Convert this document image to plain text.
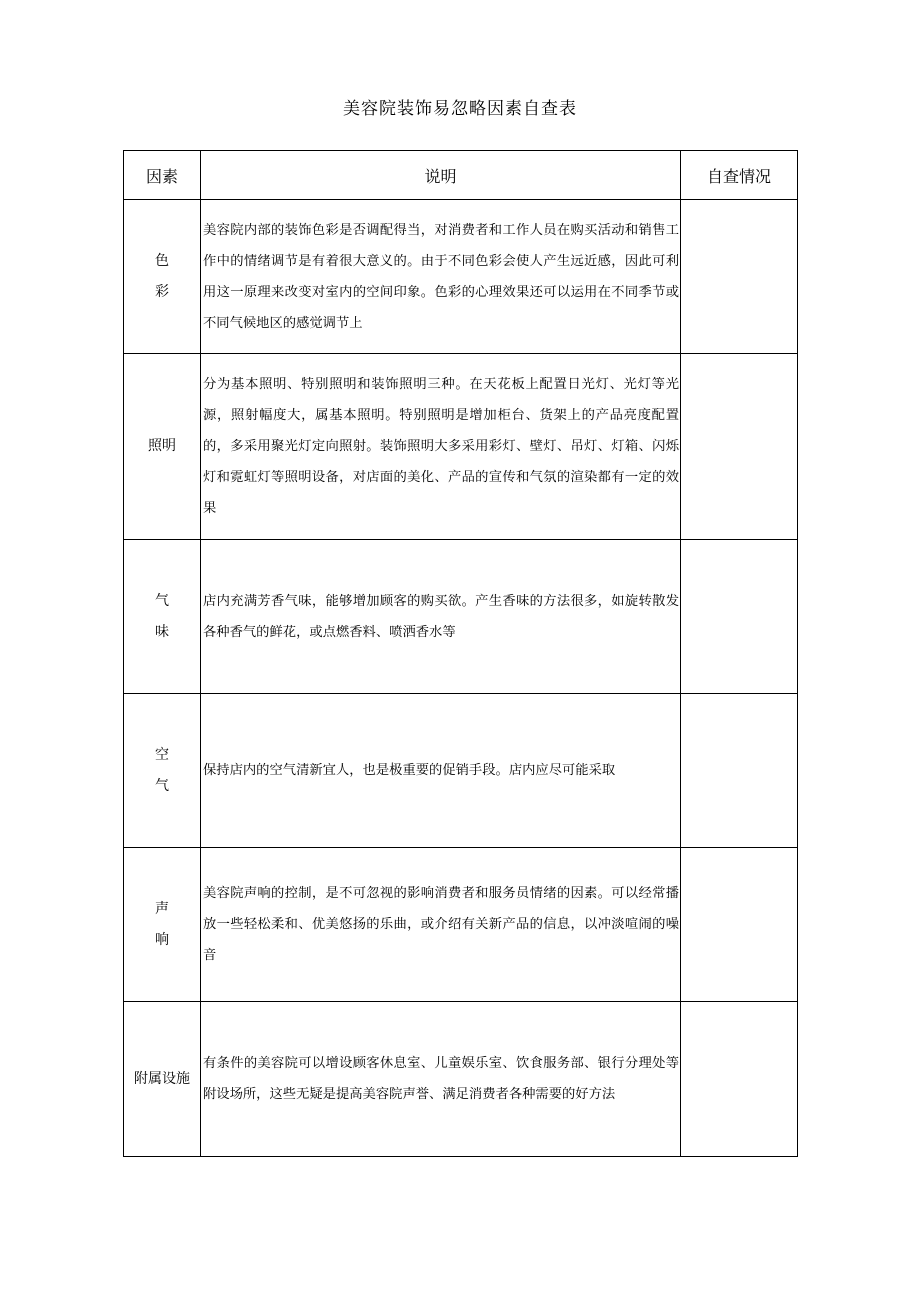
美容院装饰易忽略因素自查表
因素	说明	自查情况

色
彩	美容院内部的装饰色彩是否调配得当，对消费者和工作人员在购买活动和销售工作中的情绪调节是有着很大意义的。由于不同色彩会使人产生远近感，因此可利用这一原理来改变对室内的空间印象。色彩的心理效果还可以运用在不同季节或不同气候地区的感觉调节上	

照明	分为基本照明、特别照明和装饰照明三种。在天花板上配置日光灯、光灯等光源，照射幅度大，属基本照明。特别照明是增加柜台、货架上的产品亮度配置的，多采用聚光灯定向照射。装饰照明大多采用彩灯、壁灯、吊灯、灯箱、闪烁灯和霓虹灯等照明设备，对店面的美化、产品的宣传和气氛的渲染都有一定的效果	

气
味	店内充满芳香气味，能够增加顾客的购买欲。产生香味的方法很多，如旋转散发各种香气的鲜花，或点燃香料、喷洒香水等	

空
气	保持店内的空气清新宜人，也是极重要的促销手段。店内应尽可能采取	

声
响	美容院声响的控制，是不可忽视的影响消费者和服务员情绪的因素。可以经常播放一些轻松柔和、优美悠扬的乐曲，或介绍有关新产品的信息，以冲淡喧闹的噪音	

附属设施	有条件的美容院可以增设顾客休息室、儿童娱乐室、饮食服务部、银行分理处等附设场所，这些无疑是提高美容院声誉、满足消费者各种需要的好方法	
